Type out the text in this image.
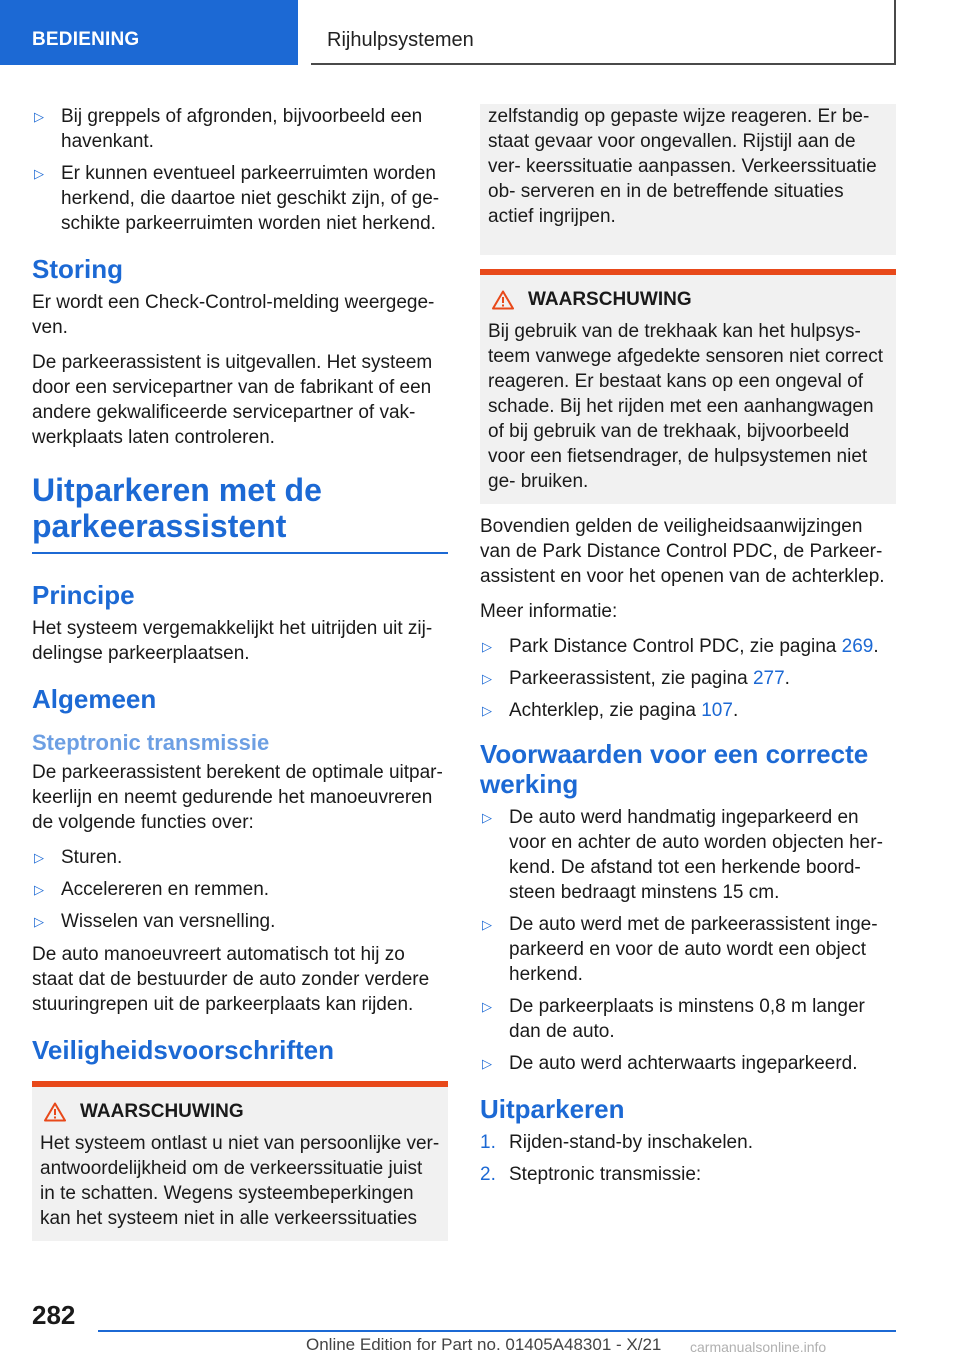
BEDIENING	Rijhulpsystemen
▷ Bij greppels of afgronden, bijvoorbeeld een havenkant.
▷ Er kunnen eventueel parkeerruimten worden herkend, die daartoe niet geschikt zijn, of ge‐ schikte parkeerruimten worden niet herkend.
Storing

Er wordt een Check-Control-melding weergege‐ ven.

De parkeerassistent is uitgevallen. Het systeem door een servicepartner van de fabrikant of een andere gekwalificeerde servicepartner of vak‐ werkplaats laten controleren.

Uitparkeren met de parkeerassistent
Principe

Het systeem vergemakkelijkt het uitrijden uit zij‐ delingse parkeerplaatsen.

Algemeen
Steptronic transmissie

De parkeerassistent berekent de optimale uitpar‐ keerlijn en neemt gedurende het manoeuvreren de volgende functies over:

▷ Sturen.
▷ Accelereren en remmen.
▷ Wisselen van versnelling.

De auto manoeuvreert automatisch tot hij zo staat dat de bestuurder de auto zonder verdere stuuringrepen uit de parkeerplaats kan rijden.

Veiligheidsvoorschriften
WAARSCHUWING

Het systeem ontlast u niet van persoonlijke ver‐ antwoordelijkheid om de verkeerssituatie juist in te schatten. Wegens systeembeperkingen kan het systeem niet in alle verkeerssituaties

zelfstandig op gepaste wijze reageren. Er be‐ staat gevaar voor ongevallen. Rijstijl aan de ver‐ keerssituatie aanpassen. Verkeerssituatie ob‐ serveren en in de betreffende situaties actief ingrijpen.

WAARSCHUWING

Bij gebruik van de trekhaak kan het hulpsys‐ teem vanwege afgedekte sensoren niet correct reageren. Er bestaat kans op een ongeval of schade. Bij het rijden met een aanhangwagen of bij gebruik van de trekhaak, bijvoorbeeld voor een fietsendrager, de hulpsystemen niet ge‐ bruiken.

Bovendien gelden de veiligheidsaanwijzingen van de Park Distance Control PDC, de Parkeer‐ assistent en voor het openen van de achterklep.

Meer informatie:

▷ Park Distance Control PDC, zie pagina 269.
▷ Parkeerassistent, zie pagina 277.
▷ Achterklep, zie pagina 107.
Voorwaarden voor een correcte werking
▷ De auto werd handmatig ingeparkeerd en voor en achter de auto worden objecten her‐ kend. De afstand tot een herkende boord‐ steen bedraagt minstens 15 cm.
▷ De auto werd met de parkeerassistent inge‐ parkeerd en voor de auto wordt een object herkend.
▷ De parkeerplaats is minstens 0,8 m langer dan de auto.
▷ De auto werd achterwaarts ingeparkeerd.
Uitparkeren
1. Rijden-stand-by inschakelen.
2. Steptronic transmissie:
282
Online Edition for Part no. 01405A48301 - X/21 carmanualsonline.info
